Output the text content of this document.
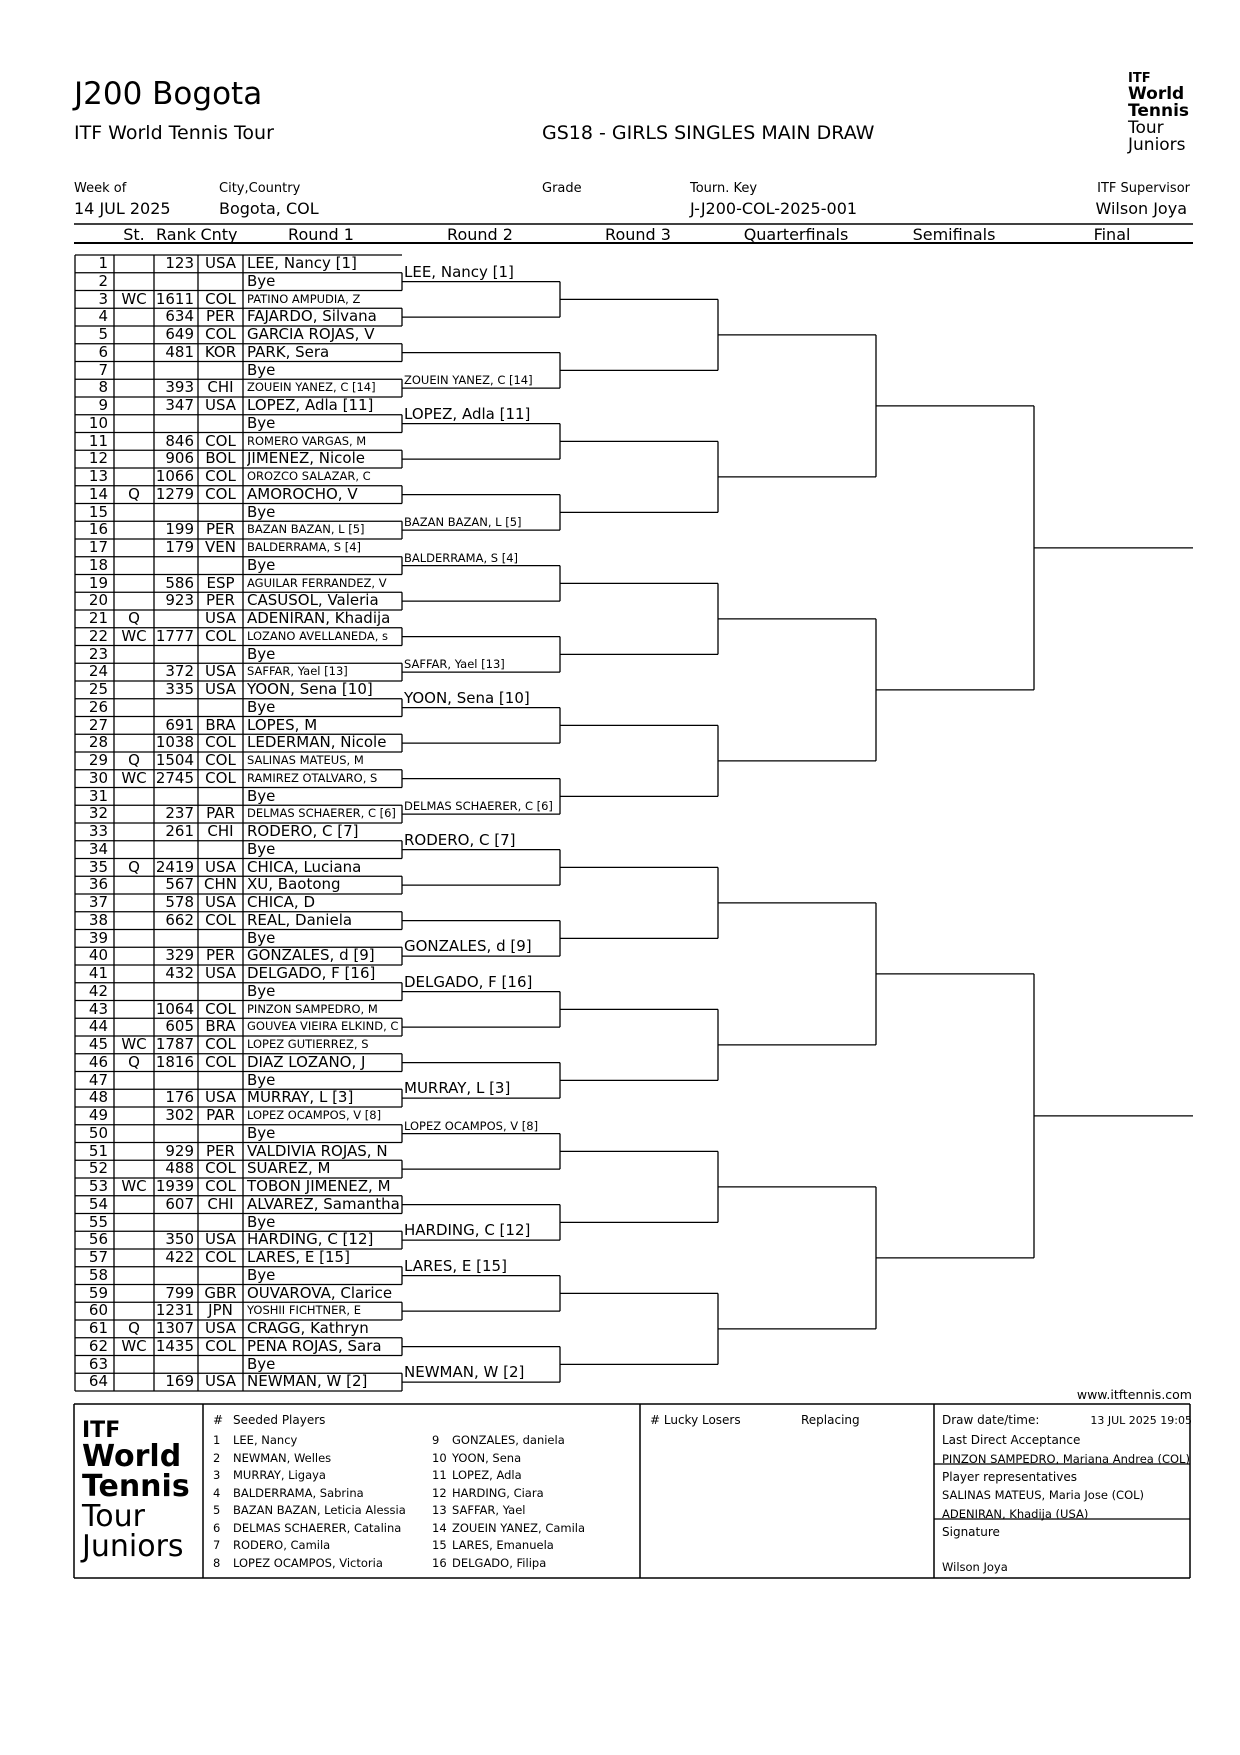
J200 Bogota
ITF World Tennis Tour	GS18 - GIRLS SINGLES MAIN DRAW
ITF
World
Tennis
Tour
Juniors
Week of
14 JUL 2025
City,Country
Bogota, COL
Grade	Tourn. Key
J-J200-COL-2025-001
ITF Supervisor
Wilson Joya
St. Rank Cnty	Round 1	Round 2	Round 3	Quarterfinals	Semifinals	Final
1	123 USA LEE, Nancy [1]
2	Bye
3 WC 1611 COL PATINO AMPUDIA, Z
4	634 PER FAJARDO, Silvana
5	649 COL GARCIA ROJAS, V
6	481 KOR PARK, Sera
7	Bye
8	393 CHI	ZOUEIN YANEZ, C [14]
9	347 USA LOPEZ, Adla [11]
10	Bye
11	846 COL ROMERO VARGAS, M
12	906 BOL JIMENEZ, Nicole
13	1066 COL OROZCO SALAZAR, C
14	Q	1279 COL AMOROCHO, V
15	Bye
16	199 PER	BAZAN BAZAN, L [5]
17	179 VEN BALDERRAMA, S [4]
18	Bye
19	586 ESP	AGUILAR FERRANDEZ, V
20	923 PER CASUSOL, Valeria
21	Q	USA ADENIRAN, Khadija
22 WC 1777 COL LOZANO AVELLANEDA, s
23	Bye
24	372 USA SAFFAR, Yael [13]
25	335 USA YOON, Sena [10]
26	Bye
27	691 BRA LOPES, M
28	1038 COL LEDERMAN, Nicole
29	Q	1504 COL SALINAS MATEUS, M
30 WC 2745 COL RAMIREZ OTALVARO, S
31	Bye
32	237 PAR	DELMAS SCHAERER, C [6]
33	261 CHI RODERO, C [7]
34	Bye
35	Q	2419 USA CHICA, Luciana
36	567 CHN XU, Baotong
37	578 USA CHICA, D
38	662 COL REAL, Daniela
39	Bye
40	329 PER GONZALES, d [9]
41	432 USA DELGADO, F [16]
42	Bye
43	1064 COL PINZON SAMPEDRO, M
44	605 BRA GOUVEA VIEIRA ELKIND, C
45 WC 1787 COL LOPEZ GUTIERREZ, S
46	Q	1816 COL DIAZ LOZANO, J
47	Bye
48	176 USA MURRAY, L [3]
49	302 PAR	LOPEZ OCAMPOS, V [8]
50	Bye
51	929 PER VALDIVIA ROJAS, N
52	488 COL SUAREZ, M
53 WC 1939 COL TOBON JIMENEZ, M
54	607 CHI ALVAREZ, Samantha
55	Bye
56	350 USA HARDING, C [12]
57	422 COL LARES, E [15]
58	Bye
59	799 GBR OUVAROVA, Clarice
60	1231 JPN	YOSHII FICHTNER, E
61	Q	1307 USA CRAGG, Kathryn
62 WC 1435 COL PEÑA ROJAS, Sara
63	Bye
64	169 USA NEWMAN, W [2]
LEE, Nancy [1]
ZOUEIN YANEZ, C [14]
LOPEZ, Adla [11]
BAZAN BAZAN, L [5]
BALDERRAMA, S [4]
SAFFAR, Yael [13]
YOON, Sena [10]
DELMAS SCHAERER, C [6]
RODERO, C [7]
GONZALES, d [9]
DELGADO, F [16]
MURRAY, L [3]
LOPEZ OCAMPOS, V [8]
HARDING, C [12]
LARES, E [15]
NEWMAN, W [2]
www.itftennis.com
ITF
World
Tennis
Tour
Juniors
# Seeded Players
1 LEE, Nancy
2 NEWMAN, Welles
3 MURRAY, Ligaya
4 BALDERRAMA, Sabrina
5 BAZAN BAZAN, Leticia Alessia
6 DELMAS SCHAERER, Catalina
7 RODERO, Camila
8 LOPEZ OCAMPOS, Victoria
9 GONZALES, daniela
10 YOON, Sena
11 LOPEZ, Adla
12 HARDING, Ciara
13 SAFFAR, Yael
14 ZOUEIN YANEZ, Camila
15 LARES, Emanuela
16 DELGADO, Filipa
# Lucky Losers	Replacing	Draw date/time:	13 JUL 2025 19:05
Last Direct Acceptance
PINZON SAMPEDRO, Mariana Andrea (COL)
Player representatives
SALINAS MATEUS, Maria Jose (COL)
ADENIRAN, Khadija (USA)
Signature
Wilson Joya
